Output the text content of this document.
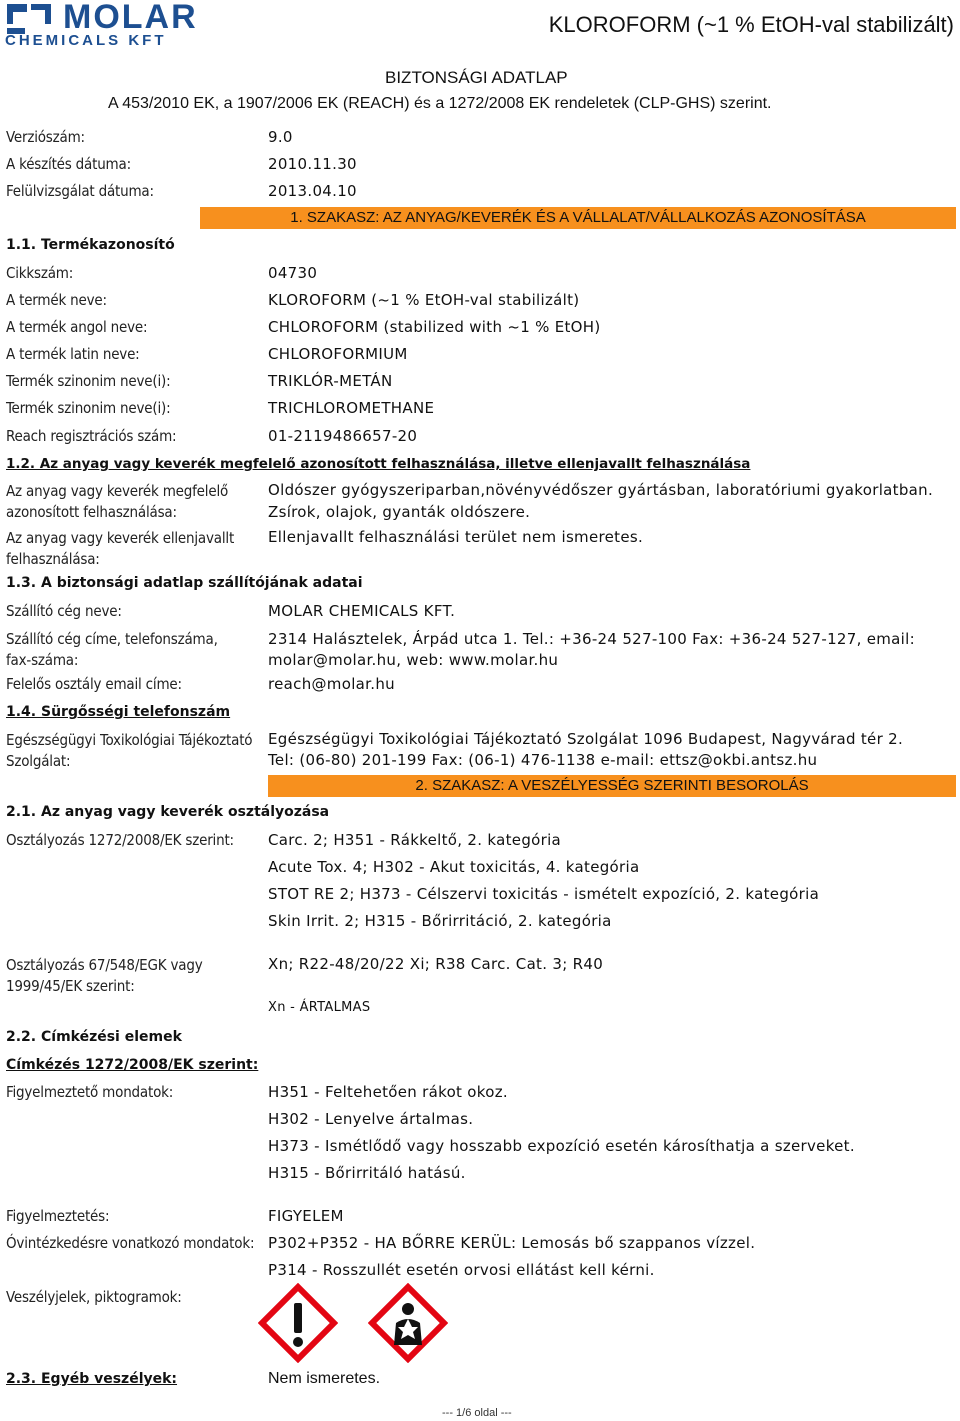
MOLAR
CHEMICALS KFT
KLOROFORM (~1 % EtOH-val stabilizált)
BIZTONSÁGI ADATLAP
A 453/2010 EK, a 1907/2006 EK (REACH) és a 1272/2008 EK rendeletek (CLP-GHS) szerint.
Verziószám:	9.0
A készítés dátuma:	2010.11.30
Felülvizsgálat dátuma:	2013.04.10
1. SZAKASZ: AZ ANYAG/KEVERÉK ÉS A VÁLLALAT/VÁLLALKOZÁS AZONOSÍTÁSA
1.1. Termékazonosító
Cikkszám:	04730
A termék neve:	KLOROFORM (~1 % EtOH-val stabilizált)
A termék angol neve:	CHLOROFORM (stabilized with ~1 % EtOH)
A termék latin neve:	CHLOROFORMIUM
Termék szinonim neve(i):	TRIKLÓR-METÁN
Termék szinonim neve(i):	TRICHLOROMETHANE
Reach regisztrációs szám:	01-2119486657-20
1.2. Az anyag vagy keverék megfelelő azonosított felhasználása, illetve ellenjavallt felhasználása
Az anyag vagy keverék megfelelő azonosított felhasználása:
Oldószer gyógyszeriparban,növényvédőszer gyártásban, laboratóriumi gyakorlatban.
Zsírok, olajok, gyanták oldószere.
Az anyag vagy keverék ellenjavallt felhasználása:
Ellenjavallt felhasználási terület nem ismeretes.
1.3. A biztonsági adatlap szállítójának adatai
Szállító cég neve:	MOLAR CHEMICALS KFT.
Szállító cég címe, telefonszáma, fax-száma:
2314 Halásztelek, Árpád utca 1. Tel.: +36-24 527-100 Fax: +36-24 527-127, email: molar@molar.hu, web: www.molar.hu
Felelős osztály email címe:	reach@molar.hu
1.4. Sürgősségi telefonszám
Egészségügyi Toxikológiai Tájékoztató Szolgálat:
Egészségügyi Toxikológiai Tájékoztató Szolgálat 1096 Budapest, Nagyvárad tér 2.
Tel: (06-80) 201-199 Fax: (06-1) 476-1138 e-mail: ettsz@okbi.antsz.hu
2. SZAKASZ: A VESZÉLYESSÉG SZERINTI BESOROLÁS
2.1. Az anyag vagy keverék osztályozása
Osztályozás 1272/2008/EK szerint: Carc. 2; H351 - Rákkeltő, 2. kategória
Acute Tox. 4; H302 - Akut toxicitás, 4. kategória
STOT RE 2; H373 - Célszervi toxicitás - ismételt expozíció, 2. kategória
Skin Irrit. 2; H315 - Bőrirritáció, 2. kategória
Osztályozás 67/548/EGK vagy 1999/45/EK szerint:
Xn; R22-48/20/22 Xi; R38 Carc. Cat. 3; R40
Xn - ÁRTALMAS
2.2. Címkézési elemek
Címkézés 1272/2008/EK szerint:
Figyelmeztető mondatok:	H351 - Feltehetően rákot okoz.
H302 - Lenyelve ártalmas.
H373 - Ismétlődő vagy hosszabb expozíció esetén károsíthatja a szerveket.
H315 - Bőrirritáló hatású.
Figyelmeztetés:	FIGYELEM
Óvintézkedésre vonatkozó mondatok: P302+P352 - HA BŐRRE KERÜL: Lemosás bő szappanos vízzel.
P314 - Rosszullét esetén orvosi ellátást kell kérni.
Veszélyjelek, piktogramok:
2.3. Egyéb veszélyek:	Nem ismeretes.
--- 1/6 oldal ---
